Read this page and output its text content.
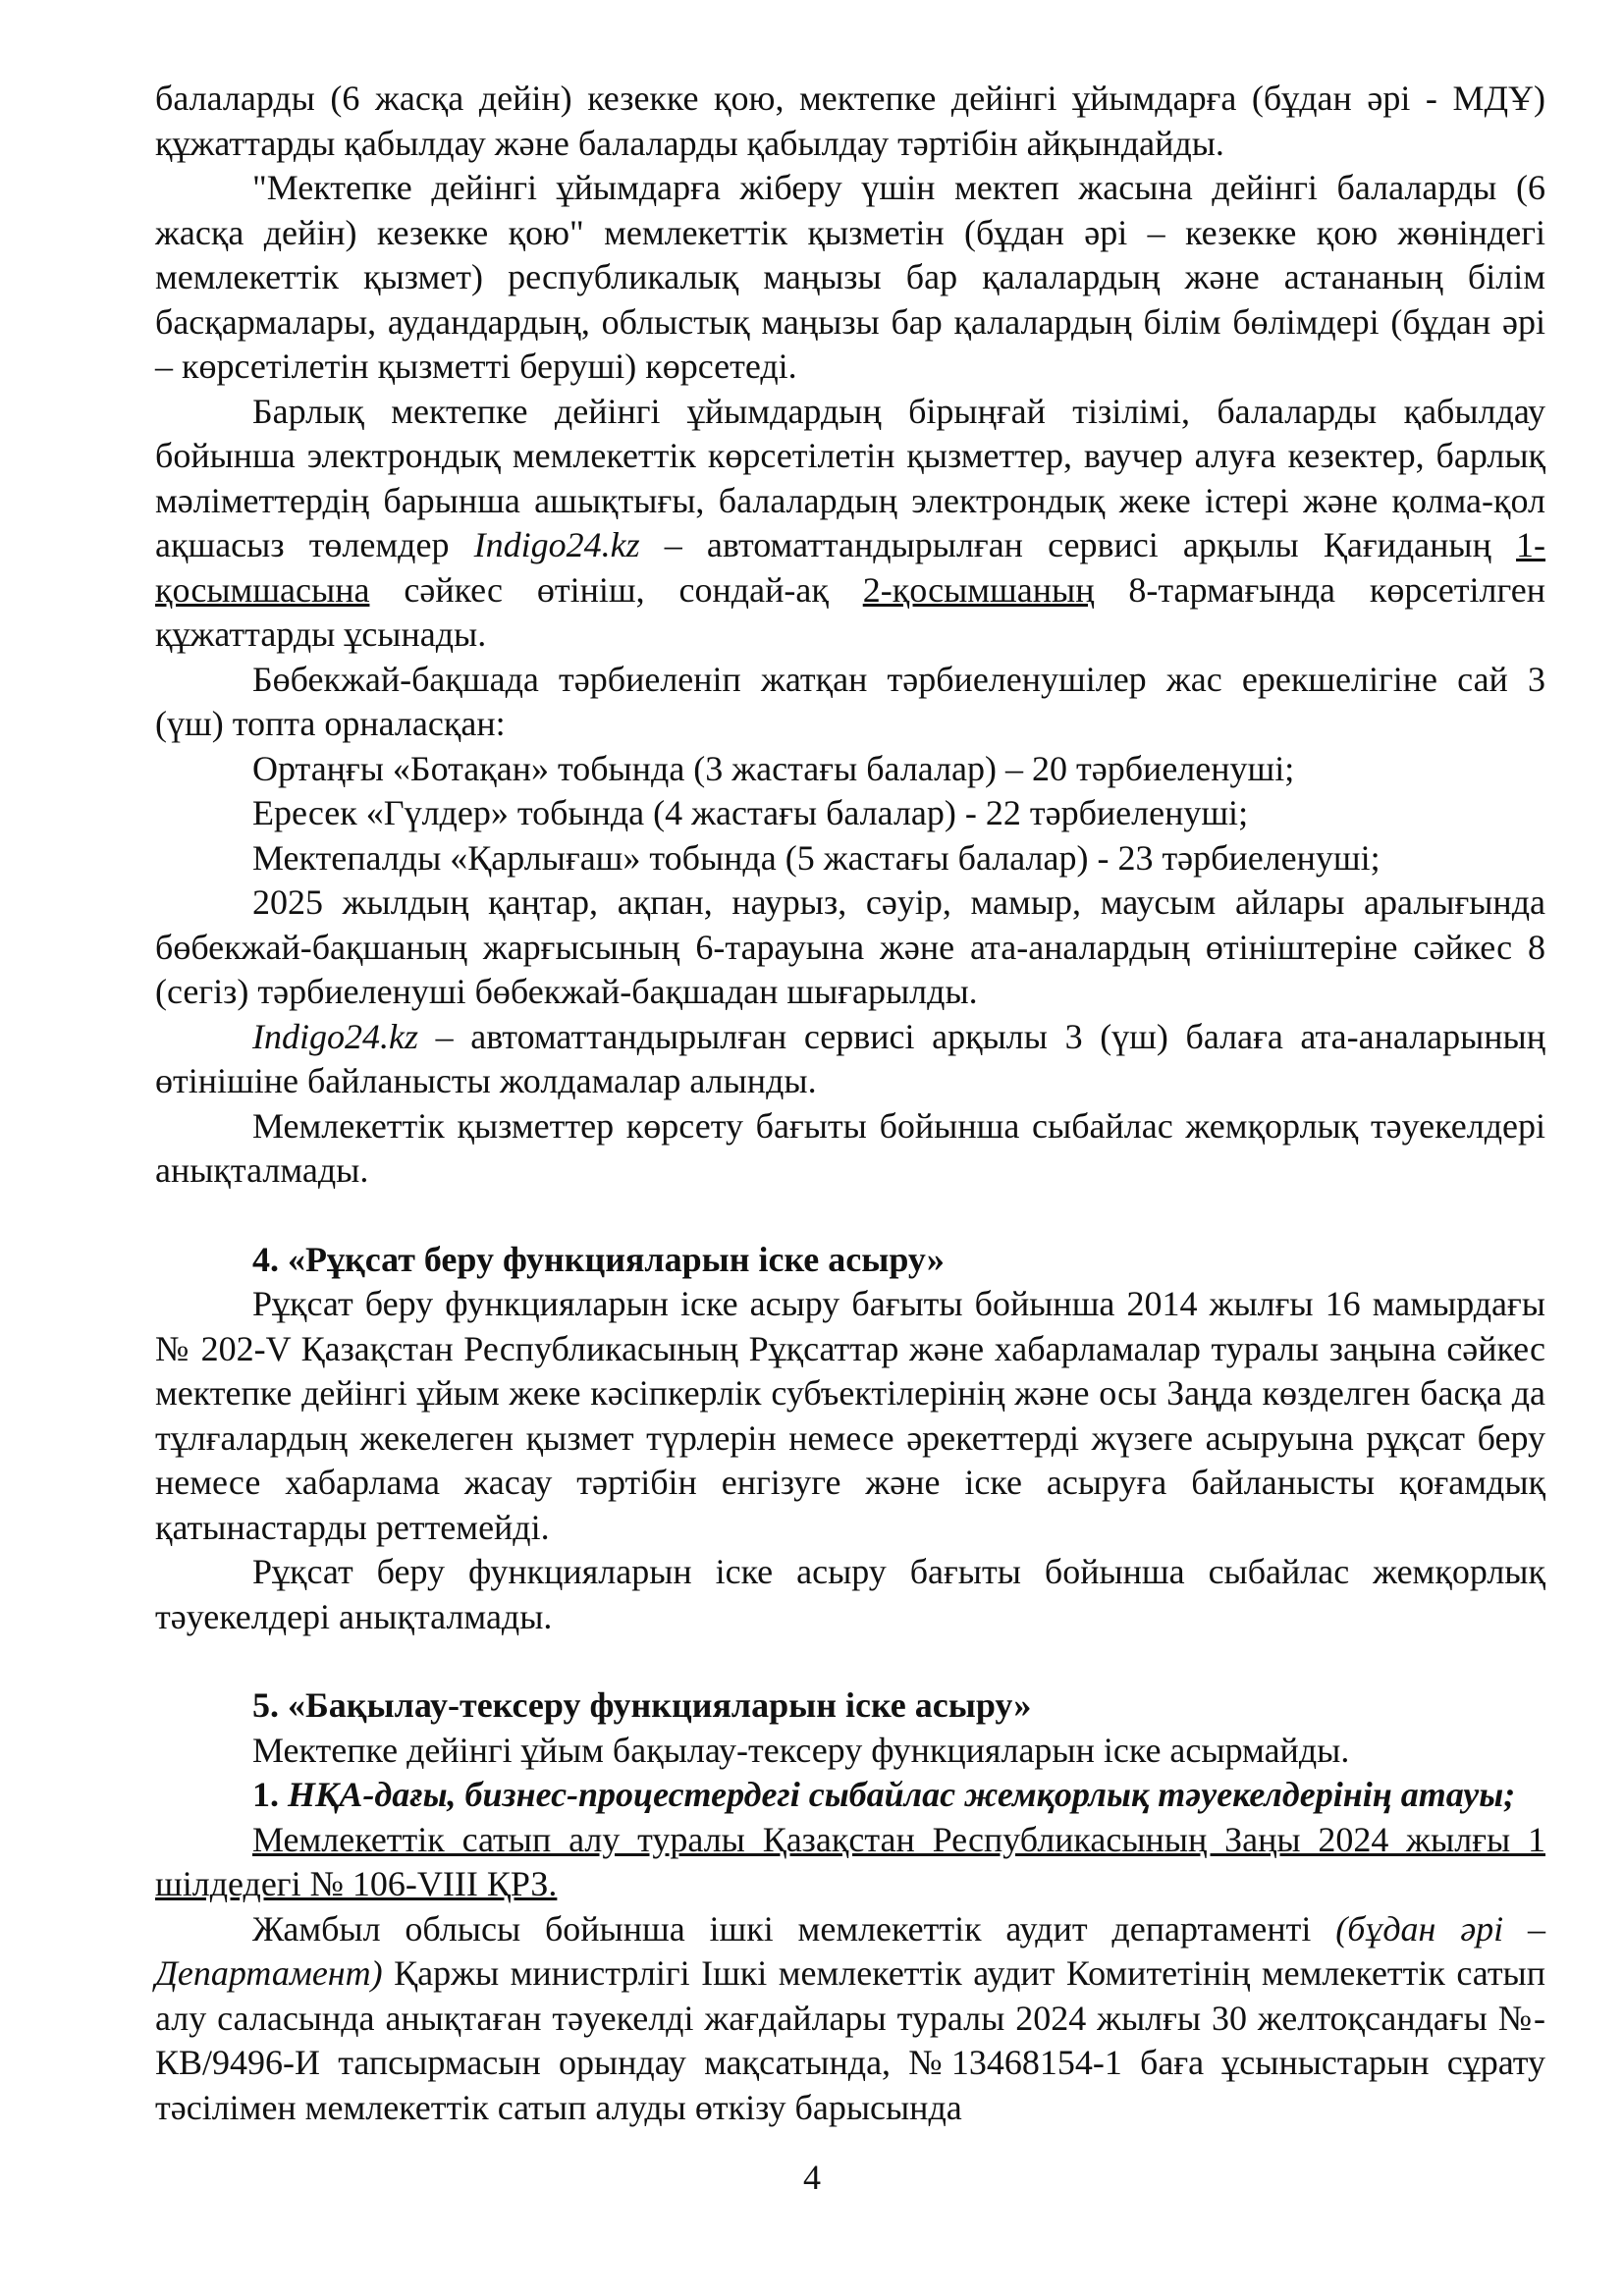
балаларды (6 жасқа дейін) кезекке қою, мектепке дейінгі ұйымдарға (бұдан әрі - МДҰ) құжаттарды қабылдау және балаларды қабылдау тәртібін айқындайды.

"Мектепке дейінгі ұйымдарға жіберу үшін мектеп жасына дейінгі балаларды (6 жасқа дейін) кезекке қою" мемлекеттік қызметін (бұдан әрі – кезекке қою жөніндегі мемлекеттік қызмет) республикалық маңызы бар қалалардың және астананың білім басқармалары, аудандардың, облыстық маңызы бар қалалардың білім бөлімдері (бұдан әрі – көрсетілетін қызметті беруші) көрсетеді.

Барлық мектепке дейінгі ұйымдардың бірыңғай тізілімі, балаларды қабылдау бойынша электрондық мемлекеттік көрсетілетін қызметтер, ваучер алуға кезектер, барлық мәліметтердің барынша ашықтығы, балалардың электрондық жеке істері және қолма-қол ақшасыз төлемдер Indigo24.kz – автоматтандырылған сервисі арқылы Қағиданың 1-қосымшасына сәйкес өтініш, сондай-ақ 2-қосымшаның 8-тармағында көрсетілген құжаттарды ұсынады.

Бөбекжай-бақшада тәрбиеленіп жатқан тәрбиеленушілер жас ерекшелігіне сай 3 (үш) топта орналасқан:

Ортаңғы «Ботақан» тобында (3 жастағы балалар) – 20 тәрбиеленуші;

Ересек «Гүлдер» тобында (4 жастағы балалар) - 22 тәрбиеленуші;

Мектепалды «Қарлығаш» тобында (5 жастағы балалар) - 23 тәрбиеленуші;

2025 жылдың қаңтар, ақпан, наурыз, сәуір, мамыр, маусым айлары аралығында бөбекжай-бақшаның жарғысының 6-тарауына және ата-аналардың өтініштеріне сәйкес 8 (сегіз) тәрбиеленуші бөбекжай-бақшадан шығарылды.

Indigo24.kz – автоматтандырылған сервисі арқылы 3 (үш) балаға ата-аналарының өтінішіне байланысты жолдамалар алынды.

Мемлекеттік қызметтер көрсету бағыты бойынша сыбайлас жемқорлық тәуекелдері анықталмады.

4. «Рұқсат беру функцияларын іске асыру»

Рұқсат беру функцияларын іске асыру бағыты бойынша 2014 жылғы 16 мамырдағы № 202-V Қазақстан Республикасының Рұқсаттар және хабарламалар туралы заңына сәйкес мектепке дейінгі ұйым жеке кәсіпкерлік субъектілерінің және осы Заңда көзделген басқа да тұлғалардың жекелеген қызмет түрлерін немесе әрекеттерді жүзеге асыруына рұқсат беру немесе хабарлама жасау тәртібін енгізуге және іске асыруға байланысты қоғамдық қатынастарды реттемейді.

Рұқсат беру функцияларын іске асыру бағыты бойынша сыбайлас жемқорлық тәуекелдері анықталмады.

5. «Бақылау-тексеру функцияларын іске асыру»

Мектепке дейінгі ұйым бақылау-тексеру функцияларын іске асырмайды.

1. НҚА-дағы, бизнес-процестердегі сыбайлас жемқорлық тәуекелдерінің атауы;

Мемлекеттік сатып алу туралы Қазақстан Республикасының Заңы 2024 жылғы 1 шілдедегі № 106-VIII ҚРЗ.

Жамбыл облысы бойынша ішкі мемлекеттік аудит департаменті (бұдан әрі – Департамент) Қаржы министрлігі Ішкі мемлекеттік аудит Комитетінің мемлекеттік сатып алу саласында анықтаған тәуекелді жағдайлары туралы 2024 жылғы 30 желтоқсандағы №-КВ/9496-И тапсырмасын орындау мақсатында, №13468154-1 баға ұсыныстарын сұрату тәсілімен мемлекеттік сатып алуды өткізу барысында

4
